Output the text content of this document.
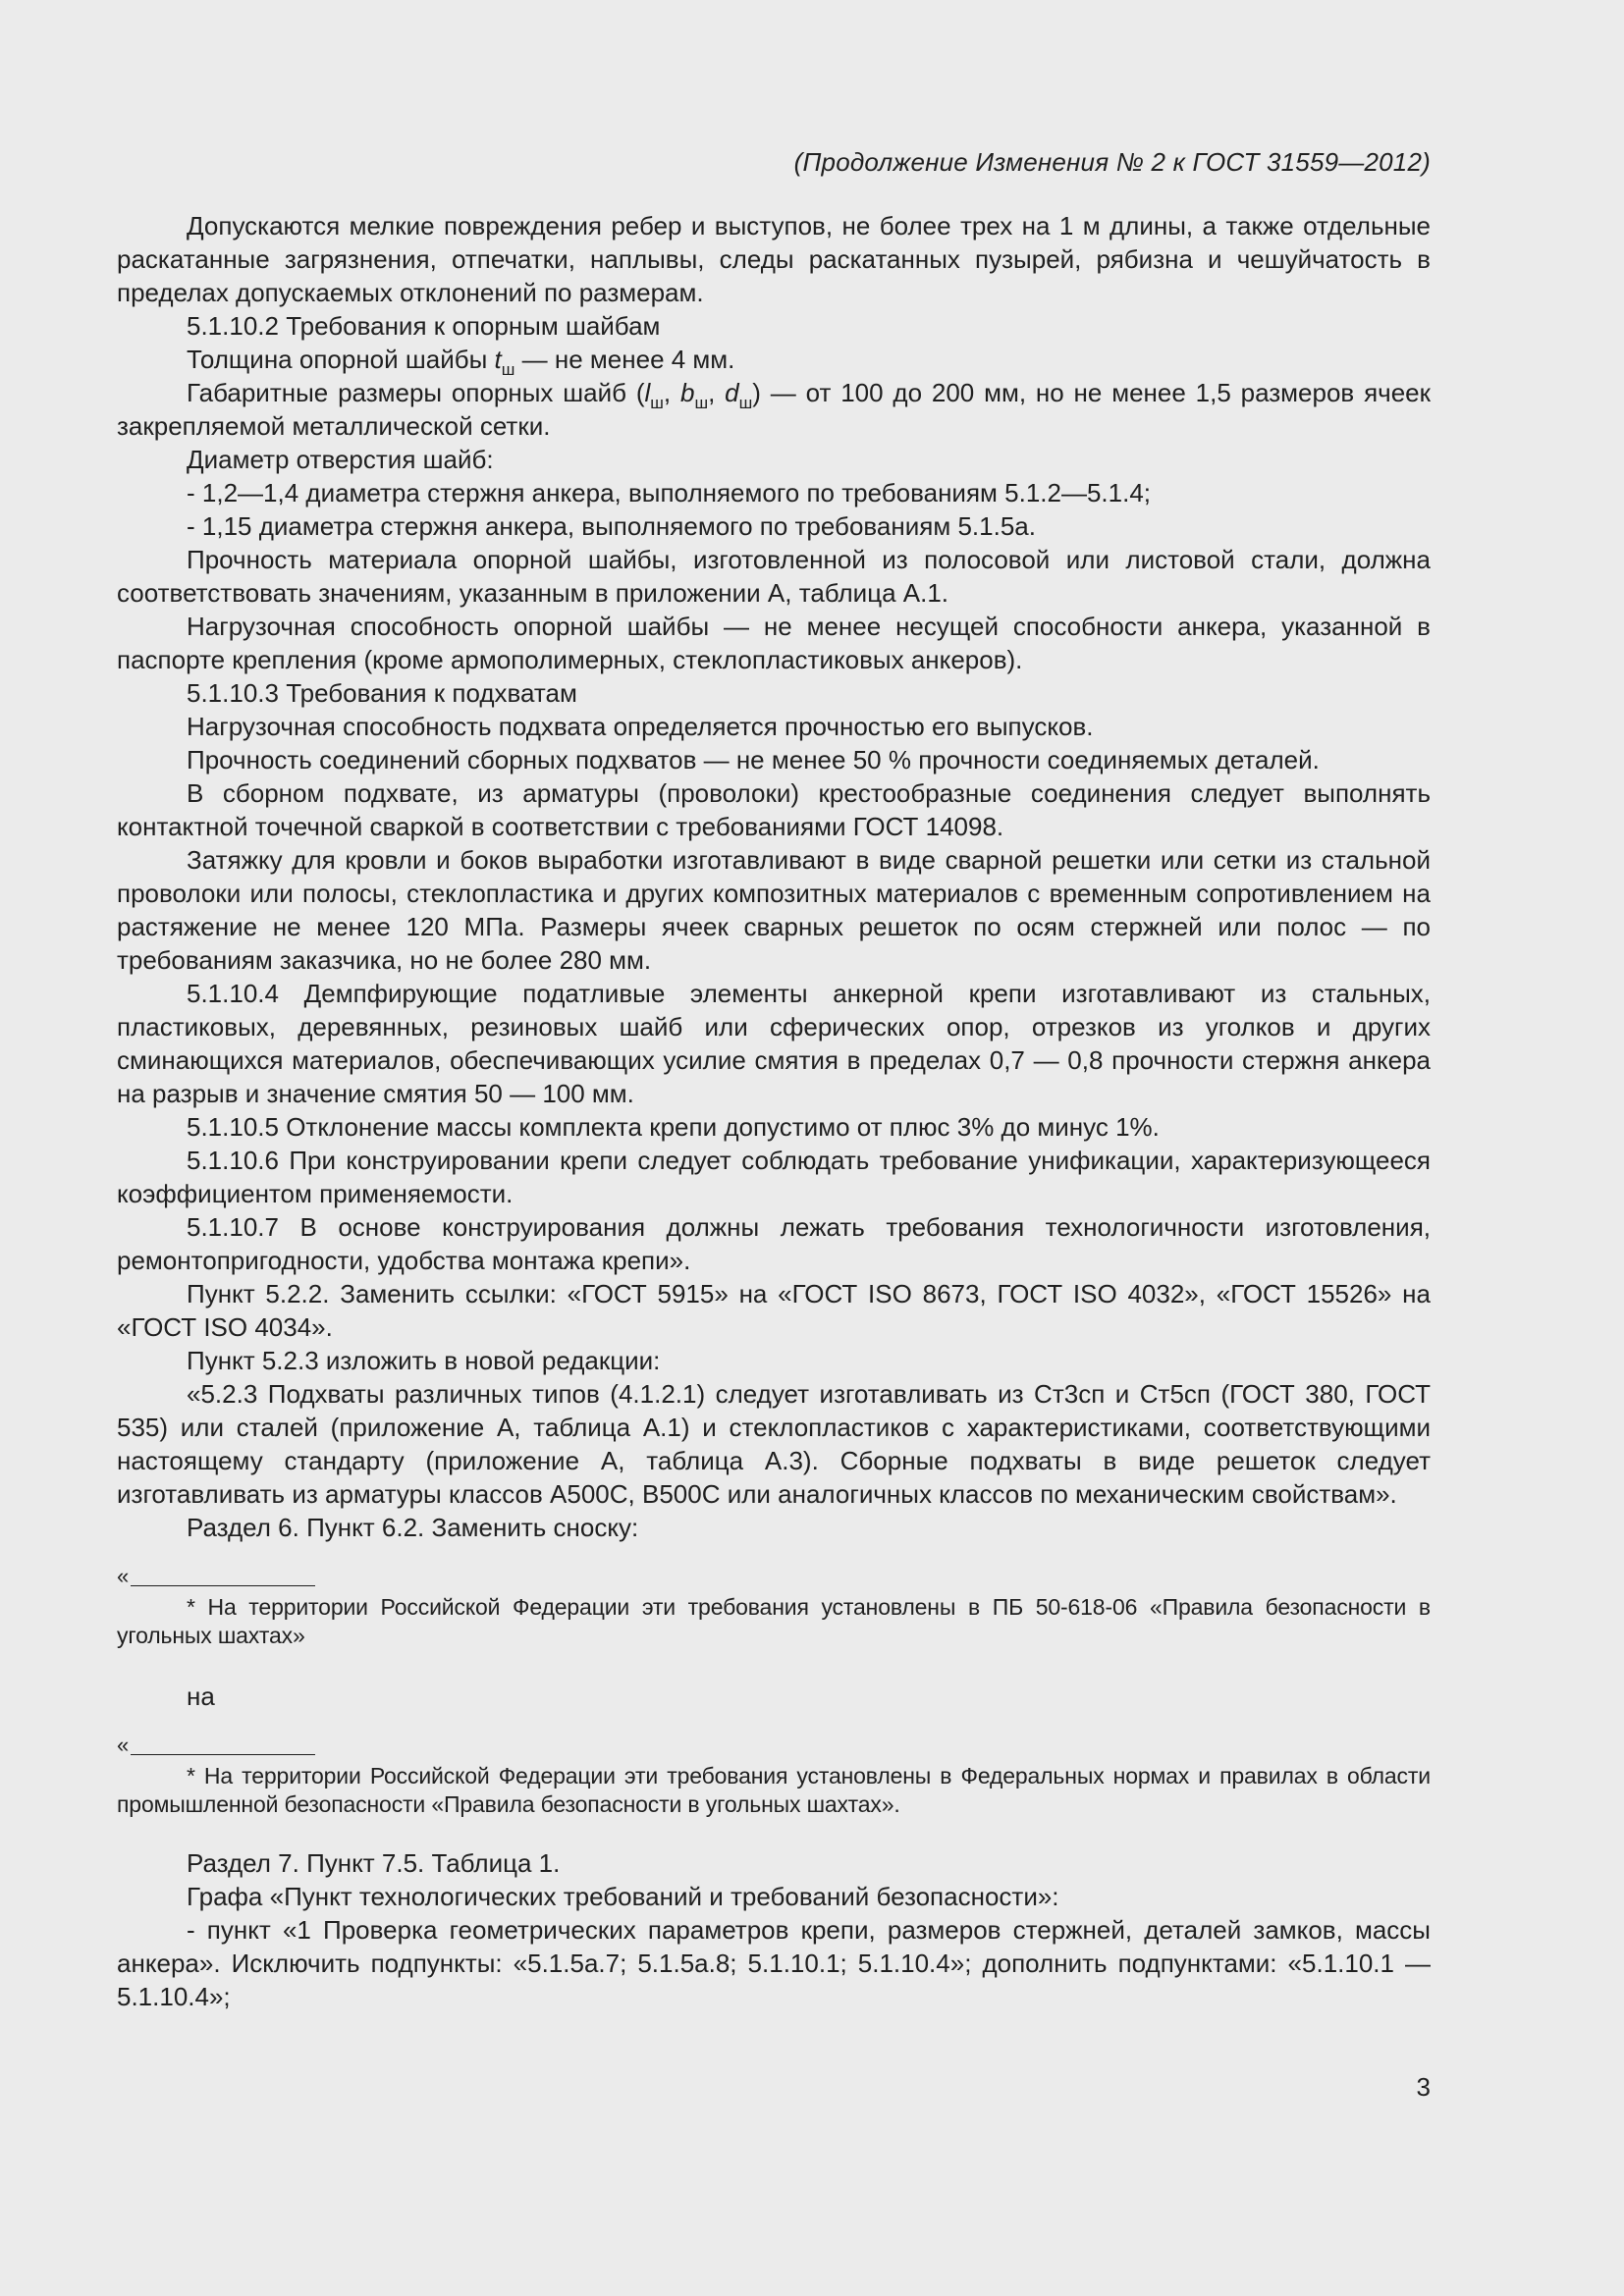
(Продолжение Изменения № 2 к ГОСТ 31559—2012)

Допускаются мелкие повреждения ребер и выступов, не более трех на 1 м длины, а также отдельные раскатанные загрязнения, отпечатки, наплывы, следы раскатанных пузырей, рябизна и чешуйчатость в пределах допускаемых отклонений по размерам.

5.1.10.2 Требования к опорным шайбам

Толщина опорной шайбы $t_ш$ — не менее 4 мм.

Габаритные размеры опорных шайб ($l_ш$, $b_ш$, $d_ш$) — от 100 до 200 мм, но не менее 1,5 размеров ячеек закрепляемой металлической сетки.

Диаметр отверстия шайб:

- 1,2—1,4 диаметра стержня анкера, выполняемого по требованиям 5.1.2—5.1.4;

- 1,15 диаметра стержня анкера, выполняемого по требованиям 5.1.5а.

Прочность материала опорной шайбы, изготовленной из полосовой или листовой стали, должна соответствовать значениям, указанным в приложении А, таблица А.1.

Нагрузочная способность опорной шайбы — не менее несущей способности анкера, указанной в паспорте крепления (кроме армополимерных, стеклопластиковых анкеров).

5.1.10.3 Требования к подхватам

Нагрузочная способность подхвата определяется прочностью его выпусков.

Прочность соединений сборных подхватов — не менее 50 % прочности соединяемых деталей.

В сборном подхвате, из арматуры (проволоки) крестообразные соединения следует выполнять контактной точечной сваркой в соответствии с требованиями ГОСТ 14098.

Затяжку для кровли и боков выработки изготавливают в виде сварной решетки или сетки из стальной проволоки или полосы, стеклопластика и других композитных материалов с временным сопротивлением на растяжение не менее 120 МПа. Размеры ячеек сварных решеток по осям стержней или полос — по требованиям заказчика, но не более 280 мм.

5.1.10.4 Демпфирующие податливые элементы анкерной крепи изготавливают из стальных, пластиковых, деревянных, резиновых шайб или сферических опор, отрезков из уголков и других сминающихся материалов, обеспечивающих усилие смятия в пределах 0,7 — 0,8 прочности стержня анкера на разрыв и значение смятия 50 — 100 мм.

5.1.10.5 Отклонение массы комплекта крепи допустимо от плюс 3% до минус 1%.

5.1.10.6 При конструировании крепи следует соблюдать требование унификации, характеризующееся коэффициентом применяемости.

5.1.10.7 В основе конструирования должны лежать требования технологичности изготовления, ремонтопригодности, удобства монтажа крепи».

Пункт 5.2.2. Заменить ссылки: «ГОСТ 5915» на «ГОСТ ISO 8673, ГОСТ ISO 4032», «ГОСТ 15526» на «ГОСТ ISO 4034».

Пункт 5.2.3 изложить в новой редакции:

«5.2.3 Подхваты различных типов (4.1.2.1) следует изготавливать из Ст3сп и Ст5сп (ГОСТ 380, ГОСТ 535) или сталей (приложение А, таблица А.1) и стеклопластиков с характеристиками, соответствующими настоящему стандарту (приложение А, таблица А.3). Сборные подхваты в виде решеток следует изготавливать из арматуры классов А500С, В500С или аналогичных классов по механическим свойствам».

Раздел 6. Пункт 6.2. Заменить сноску:

«

* На территории Российской Федерации эти требования установлены в ПБ 50-618-06 «Правила безопасности в угольных шахтах»

на

«

* На территории Российской Федерации эти требования установлены в Федеральных нормах и правилах в области промышленной безопасности «Правила безопасности в угольных шахтах».

Раздел 7. Пункт 7.5. Таблица 1.

Графа «Пункт технологических требований и требований безопасности»:

- пункт «1 Проверка геометрических параметров крепи, размеров стержней, деталей замков, массы анкера». Исключить подпункты: «5.1.5а.7; 5.1.5а.8; 5.1.10.1; 5.1.10.4»; дополнить подпунктами: «5.1.10.1 — 5.1.10.4»;

3
